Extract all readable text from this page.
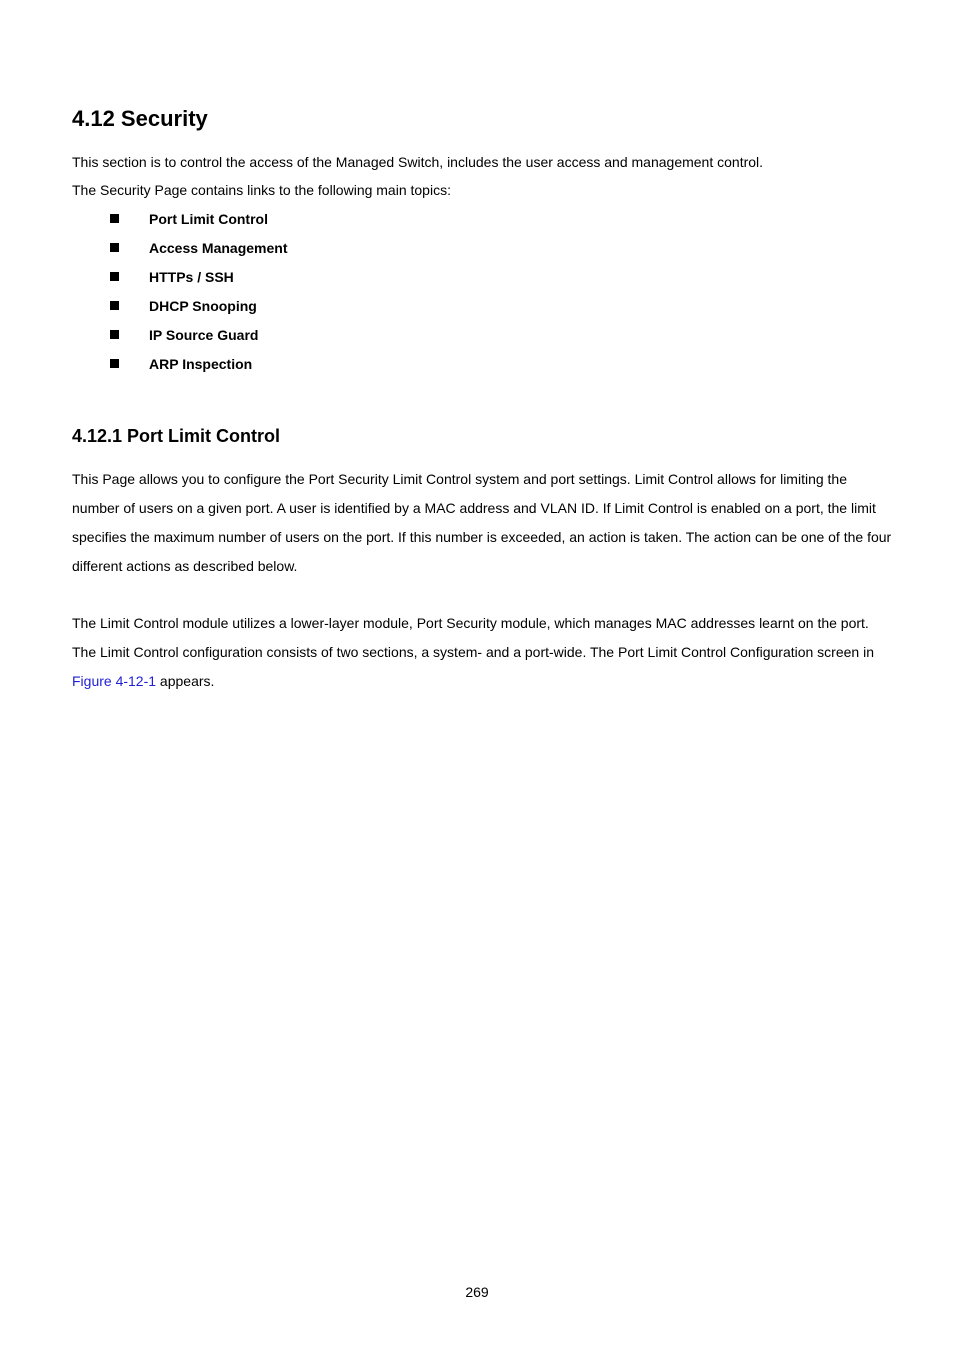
4.12 Security

This section is to control the access of the Managed Switch, includes the user access and management control.

The Security Page contains links to the following main topics:

Port Limit Control
Access Management
HTTPs / SSH
DHCP Snooping
IP Source Guard
ARP Inspection
4.12.1 Port Limit Control

This Page allows you to configure the Port Security Limit Control system and port settings. Limit Control allows for limiting the number of users on a given port. A user is identified by a MAC address and VLAN ID. If Limit Control is enabled on a port, the limit specifies the maximum number of users on the port. If this number is exceeded, an action is taken. The action can be one of the four different actions as described below.

The Limit Control module utilizes a lower-layer module, Port Security module, which manages MAC addresses learnt on the port. The Limit Control configuration consists of two sections, a system- and a port-wide. The Port Limit Control Configuration screen in Figure 4-12-1 appears.

269
